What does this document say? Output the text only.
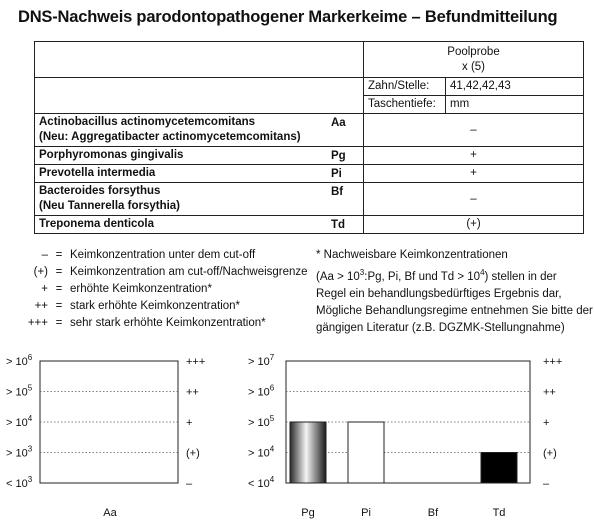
DNS-Nachweis parodontopathogener Markerkeime – Befundmitteilung

	Poolprobe
x (5)	

	Zahn/Stelle:	41,42,42,43
	Taschentiefe:	mm

Actinobacillus actinomycetemcomitans
(Neu: Aggregatibacter actinomycetemcomitans)
Aa	–	

Porphyromonas gingivalis Pg	+	

Prevotella intermedia Pi	+	

Bacteroides forsythus
(Neu Tannerella forsythia)
Bf	–	

Treponema denticola Td	(+)	
– = Keimkonzentration unter dem cut-off
(+) = Keimkonzentration am cut-off/Nachweisgrenze
+ = erhöhte Keimkonzentration*
++ = stark erhöhte Keimkonzentration*
+++ = sehr stark erhöhte Keimkonzentration*
* Nachweisbare Keimkonzentrationen
($Aa > 10^3:Pg$, Pi, Bf und $Td > 10^4$) stellen in der
Regel ein behandlungsbedürftiges Ergebnis dar,
Mögliche Behandlungsregime entnehmen Sie bitte der
gängigen Literatur (z.B. DGZMK-Stellungnahme)
> $10^6$
> $10^5$
> $10^4$
> $10^3$
< $10^3$
+++
++
+
(+)
–
Aa
> $10^7$
> $10^6$
> $10^5$
> $10^4$
< $10^4$
+++
++
+
(+)
–
Pg	Pi	Bf	Td
